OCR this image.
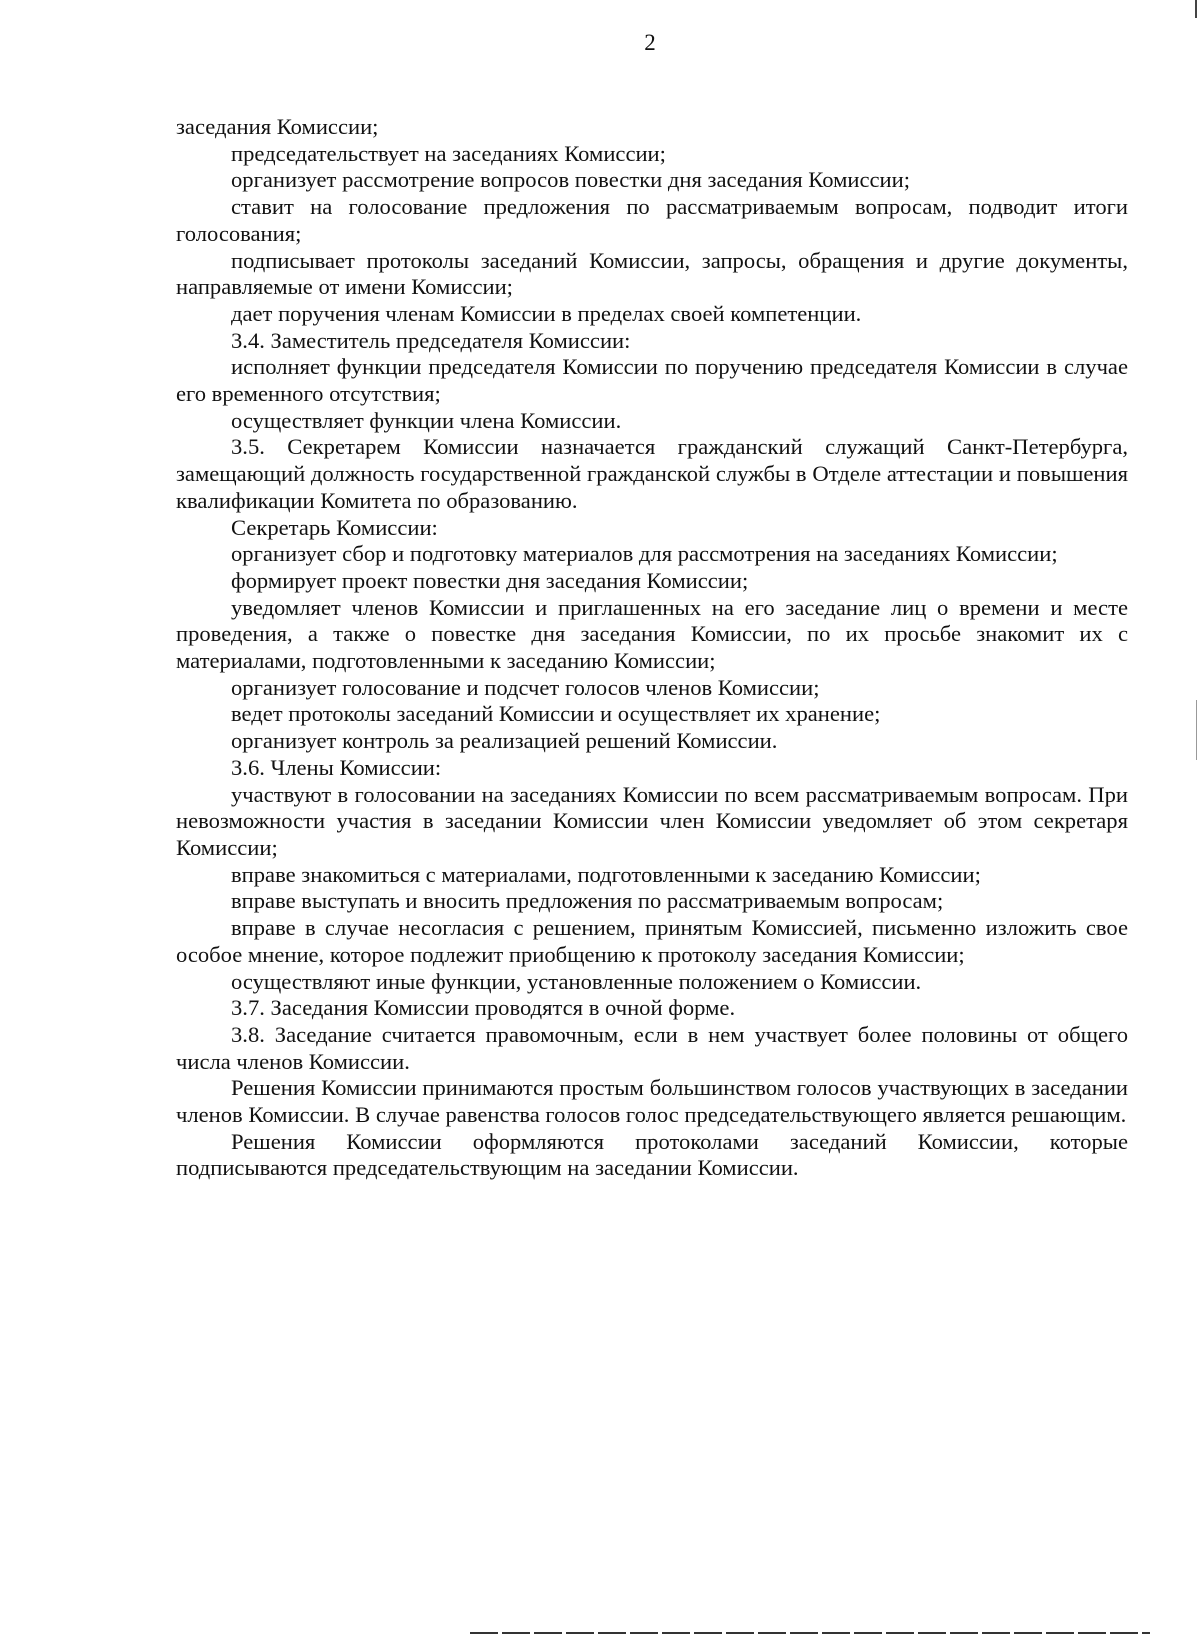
2

заседания Комиссии;

председательствует на заседаниях Комиссии;

организует рассмотрение вопросов повестки дня заседания Комиссии;

ставит на голосование предложения по рассматриваемым вопросам, подводит итоги голосования;

подписывает протоколы заседаний Комиссии, запросы, обращения и другие документы, направляемые от имени Комиссии;

дает поручения членам Комиссии в пределах своей компетенции.

3.4. Заместитель председателя Комиссии:

исполняет функции председателя Комиссии по поручению председателя Комиссии в случае его временного отсутствия;

осуществляет функции члена Комиссии.

3.5. Секретарем Комиссии назначается гражданский служащий Санкт-Петербурга, замещающий должность государственной гражданской службы в Отделе аттестации и повышения квалификации Комитета по образованию.

Секретарь Комиссии:

организует сбор и подготовку материалов для рассмотрения на заседаниях Комиссии;

формирует проект повестки дня заседания Комиссии;

уведомляет членов Комиссии и приглашенных на его заседание лиц о времени и месте проведения, а также о повестке дня заседания Комиссии, по их просьбе знакомит их с материалами, подготовленными к заседанию Комиссии;

организует голосование и подсчет голосов членов Комиссии;

ведет протоколы заседаний Комиссии и осуществляет их хранение;

организует контроль за реализацией решений Комиссии.

3.6. Члены Комиссии:

участвуют в голосовании на заседаниях Комиссии по всем рассматриваемым вопросам. При невозможности участия в заседании Комиссии член Комиссии уведомляет об этом секретаря Комиссии;

вправе знакомиться с материалами, подготовленными к заседанию Комиссии;

вправе выступать и вносить предложения по рассматриваемым вопросам;

вправе в случае несогласия с решением, принятым Комиссией, письменно изложить свое особое мнение, которое подлежит приобщению к протоколу заседания Комиссии;

осуществляют иные функции, установленные положением о Комиссии.

3.7. Заседания Комиссии проводятся в очной форме.

3.8. Заседание считается правомочным, если в нем участвует более половины от общего числа членов Комиссии.

Решения Комиссии принимаются простым большинством голосов участвующих в заседании членов Комиссии. В случае равенства голосов голос председательствующего является решающим.

Решения Комиссии оформляются протоколами заседаний Комиссии, которые подписываются председательствующим на заседании Комиссии.
